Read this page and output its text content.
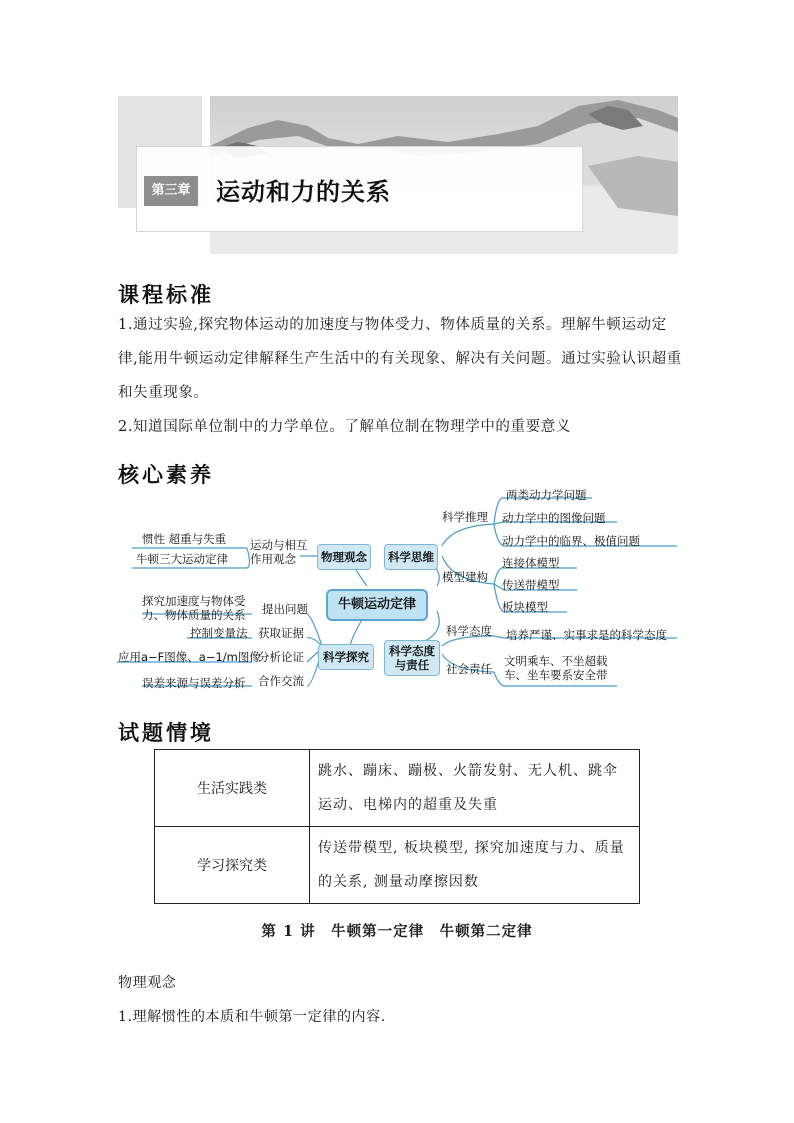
第三章	运动和力的关系
课程标准
1.通过实验,探究物体运动的加速度与物体受力、物体质量的关系。理解牛顿运动定律,能用牛顿运动定律解释生产生活中的有关现象、解决有关问题。通过实验认识超重和失重现象。
2.知道国际单位制中的力学单位。了解单位制在物理学中的重要意义
核心素养
牛顿运动定律
物理观念
运动与相互作用观念
惯性 超重与失重
牛顿三大运动定律	科学思维
科学推理
两类动力学问题
动力学中的图像问题
动力学中的临界、极值问题
模型建构
连接体模型
传送带模型
板块模型
科学探究
提出问题
探究加速度与物体受力、物体质量的关系
获取证据
控制变量法
分析论证
应用a−F图像、a−1/m图像
合作交流
误差来源与误差分析
科学态度与责任
科学态度 培养严谨、实事求是的科学态度
社会责任
文明乘车、不坐超载车、坐车要系安全带
试题情境
生活实践类	跳水、蹦床、蹦极、火箭发射、无人机、跳伞运动、电梯内的超重及失重
学习探究类	传送带模型, 板块模型, 探究加速度与力、质量的关系, 测量动摩擦因数
第 1 讲　牛顿第一定律　牛顿第二定律
物理观念
1.理解惯性的本质和牛顿第一定律的内容.
